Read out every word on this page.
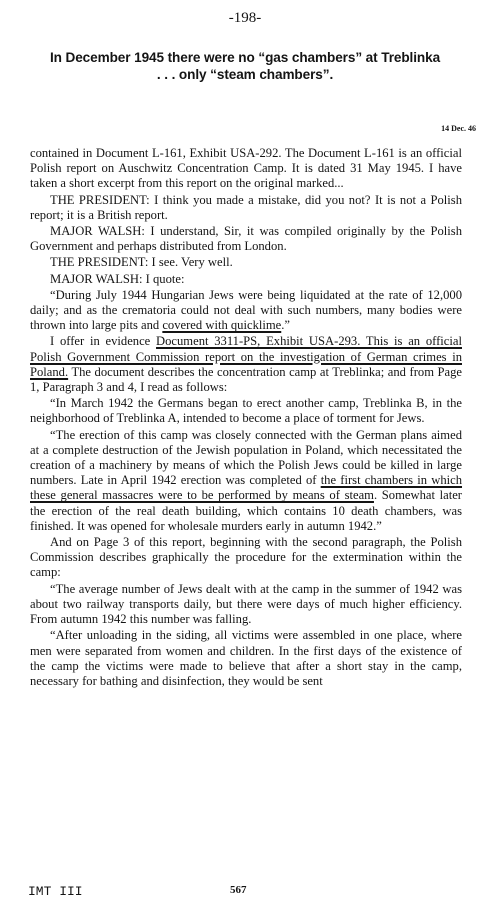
-198-
In December 1945 there were no “gas chambers” at Treblinka
. . . only “steam chambers”.
14 Dec. 46

contained in Document L-161, Exhibit USA-292. The Document L-161 is an official Polish report on Auschwitz Concentration Camp. It is dated 31 May 1945. I have taken a short excerpt from this report on the original marked...

THE PRESIDENT: I think you made a mistake, did you not? It is not a Polish report; it is a British report.

MAJOR WALSH: I understand, Sir, it was compiled originally by the Polish Government and perhaps distributed from London.

THE PRESIDENT: I see. Very well.

MAJOR WALSH: I quote:

“During July 1944 Hungarian Jews were being liquidated at the rate of 12,000 daily; and as the crematoria could not deal with such numbers, many bodies were thrown into large pits and covered with quicklime.”

I offer in evidence Document 3311-PS, Exhibit USA-293. This is an official Polish Government Commission report on the investigation of German crimes in Poland. The document describes the concentration camp at Treblinka; and from Page 1, Paragraph 3 and 4, I read as follows:

“In March 1942 the Germans began to erect another camp, Treblinka B, in the neighborhood of Treblinka A, intended to become a place of torment for Jews.

“The erection of this camp was closely connected with the German plans aimed at a complete destruction of the Jewish population in Poland, which necessitated the creation of a machinery by means of which the Polish Jews could be killed in large numbers. Late in April 1942 erection was completed of the first chambers in which these general massacres were to be performed by means of steam. Somewhat later the erection of the real death building, which contains 10 death chambers, was finished. It was opened for wholesale murders early in autumn 1942.”

And on Page 3 of this report, beginning with the second paragraph, the Polish Commission describes graphically the procedure for the extermination within the camp:

“The average number of Jews dealt with at the camp in the summer of 1942 was about two railway transports daily, but there were days of much higher efficiency. From autumn 1942 this number was falling.

“After unloading in the siding, all victims were assembled in one place, where men were separated from women and children. In the first days of the existence of the camp the victims were made to believe that after a short stay in the camp, necessary for bathing and disinfection, they would be sent

IMT III	567
